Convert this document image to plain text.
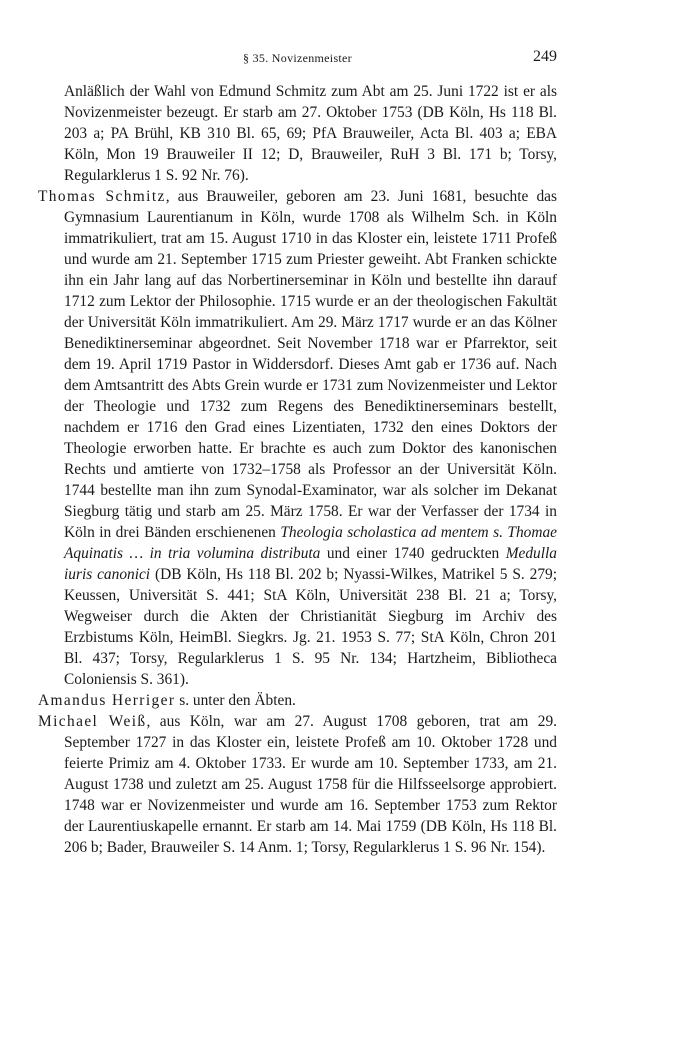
§ 35. Novizenmeister	249

Anläßlich der Wahl von Edmund Schmitz zum Abt am 25. Juni 1722 ist er als Novizenmeister bezeugt. Er starb am 27. Oktober 1753 (DB Köln, Hs 118 Bl. 203 a; PA Brühl, KB 310 Bl. 65, 69; PfA Brauweiler, Acta Bl. 403 a; EBA Köln, Mon 19 Brauweiler II 12; D, Brauweiler, RuH 3 Bl. 171 b; Torsy, Regularklerus 1 S. 92 Nr. 76).

Thomas Schmitz, aus Brauweiler, geboren am 23. Juni 1681, besuchte das Gymnasium Laurentianum in Köln, wurde 1708 als Wilhelm Sch. in Köln immatrikuliert, trat am 15. August 1710 in das Kloster ein, leistete 1711 Profeß und wurde am 21. September 1715 zum Priester geweiht. Abt Franken schickte ihn ein Jahr lang auf das Norbertinerseminar in Köln und bestellte ihn darauf 1712 zum Lektor der Philosophie. 1715 wurde er an der theologischen Fakultät der Universität Köln immatrikuliert. Am 29. März 1717 wurde er an das Kölner Benediktinerseminar abgeordnet. Seit November 1718 war er Pfarrektor, seit dem 19. April 1719 Pastor in Widdersdorf. Dieses Amt gab er 1736 auf. Nach dem Amtsantritt des Abts Grein wurde er 1731 zum Novizenmeister und Lektor der Theologie und 1732 zum Regens des Benediktinerseminars bestellt, nachdem er 1716 den Grad eines Lizentiaten, 1732 den eines Doktors der Theologie erworben hatte. Er brachte es auch zum Doktor des kanonischen Rechts und amtierte von 1732–1758 als Professor an der Universität Köln. 1744 bestellte man ihn zum Synodal-Examinator, war als solcher im Dekanat Siegburg tätig und starb am 25. März 1758. Er war der Verfasser der 1734 in Köln in drei Bänden erschienenen Theologia scholastica ad mentem s. Thomae Aquinatis … in tria volumina distributa und einer 1740 gedruckten Medulla iuris canonici (DB Köln, Hs 118 Bl. 202 b; Nyassi-Wilkes, Matrikel 5 S. 279; Keussen, Universität S. 441; StA Köln, Universität 238 Bl. 21 a; Torsy, Wegweiser durch die Akten der Christianität Siegburg im Archiv des Erzbistums Köln, HeimBl. Siegkrs. Jg. 21. 1953 S. 77; StA Köln, Chron 201 Bl. 437; Torsy, Regularklerus 1 S. 95 Nr. 134; Hartzheim, Bibliotheca Coloniensis S. 361).

Amandus Herriger s. unter den Äbten.

Michael Weiß, aus Köln, war am 27. August 1708 geboren, trat am 29. September 1727 in das Kloster ein, leistete Profeß am 10. Oktober 1728 und feierte Primiz am 4. Oktober 1733. Er wurde am 10. September 1733, am 21. August 1738 und zuletzt am 25. August 1758 für die Hilfsseelsorge approbiert. 1748 war er Novizenmeister und wurde am 16. September 1753 zum Rektor der Laurentiuskapelle ernannt. Er starb am 14. Mai 1759 (DB Köln, Hs 118 Bl. 206 b; Bader, Brauweiler S. 14 Anm. 1; Torsy, Regularklerus 1 S. 96 Nr. 154).
